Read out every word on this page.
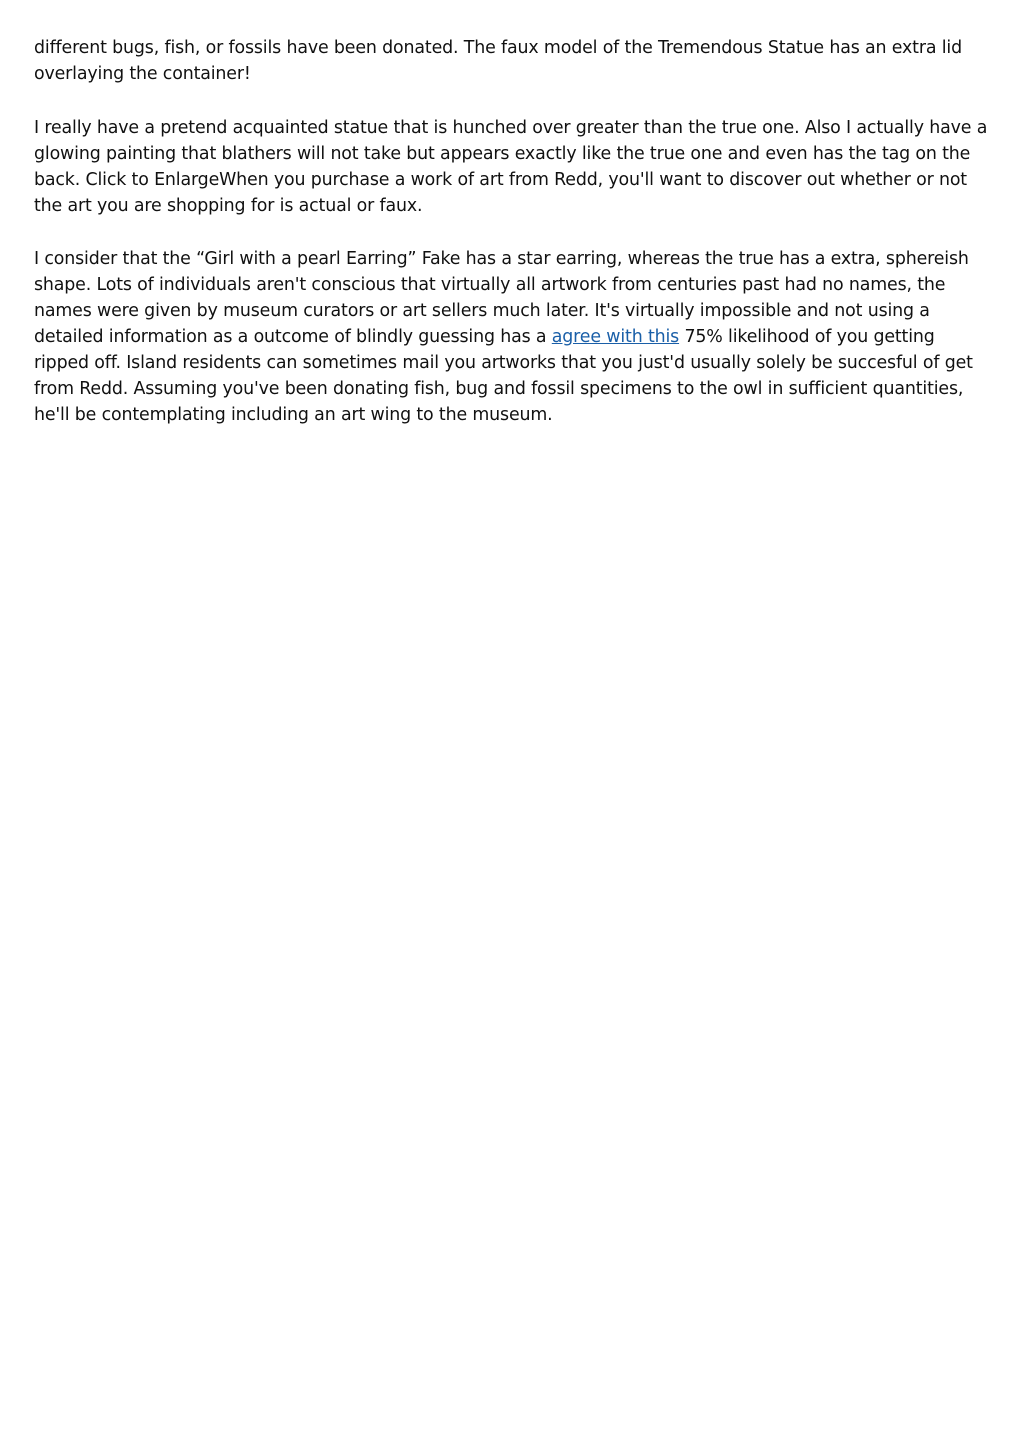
different bugs, fish, or fossils have been donated. The faux model of the Tremendous Statue has an extra lid overlaying the container!

I really have a pretend acquainted statue that is hunched over greater than the true one. Also I actually have a glowing painting that blathers will not take but appears exactly like the true one and even has the tag on the back. Click to EnlargeWhen you purchase a work of art from Redd, you'll want to discover out whether or not the art you are shopping for is actual or faux.

I consider that the “Girl with a pearl Earring” Fake has a star earring, whereas the true has a extra, sphereish shape. Lots of individuals aren't conscious that virtually all artwork from centuries past had no names, the names were given by museum curators or art sellers much later. It's virtually impossible and not using a detailed information as a outcome of blindly guessing has a agree with this 75% likelihood of you getting ripped off. Island residents can sometimes mail you artworks that you just'd usually solely be succesful of get from Redd. Assuming you've been donating fish, bug and fossil specimens to the owl in sufficient quantities, he'll be contemplating including an art wing to the museum.
